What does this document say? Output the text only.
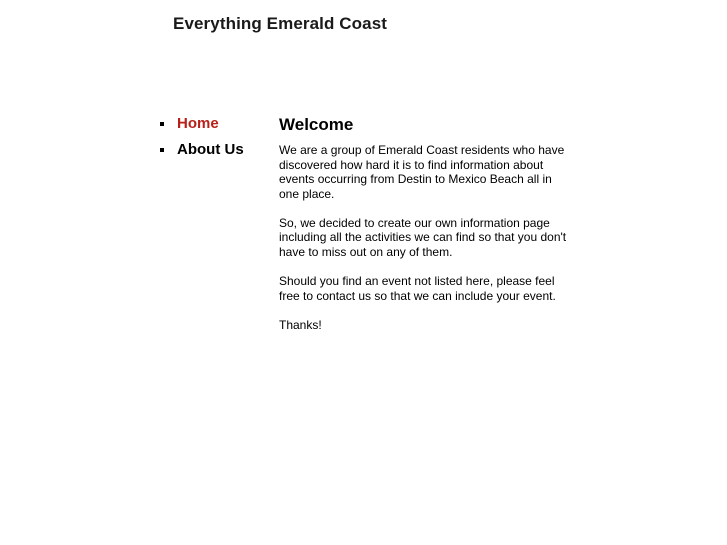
Everything Emerald Coast
Home
About Us
Welcome

We are a group of Emerald Coast residents who have discovered how hard it is to find information about events occurring from Destin to Mexico Beach all in one place.

So, we decided to create our own information page including all the activities we can find so that you don't have to miss out on any of them.

Should you find an event not listed here, please feel free to contact us so that we can include your event.

Thanks!
